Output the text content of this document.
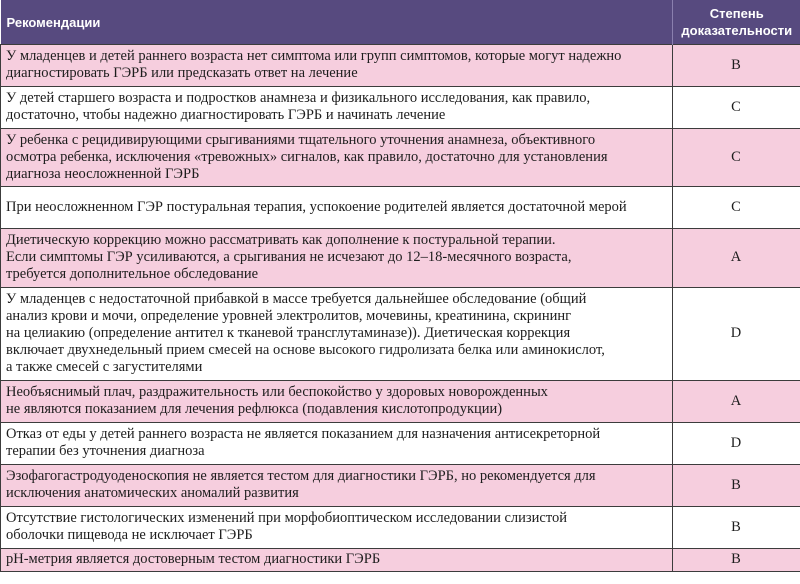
Рекомендации	Степень
доказательности
У младенцев и детей раннего возраста нет симптома или групп симптомов, которые могут надежно
диагностировать ГЭРБ или предсказать ответ на лечение	B
У детей старшего возраста и подростков анамнеза и физикального исследования, как правило,
достаточно, чтобы надежно диагностировать ГЭРБ и начинать лечение	C
У ребенка с рецидивирующими срыгиваниями тщательного уточнения анамнеза, объективного
осмотра ребенка, исключения «тревожных» сигналов, как правило, достаточно для установления
диагноза неосложненной ГЭРБ	C
При неосложненном ГЭР постуральная терапия, успокоение родителей является достаточной мерой	C
Диетическую коррекцию можно рассматривать как дополнение к постуральной терапии.
Если симптомы ГЭР усиливаются, а срыгивания не исчезают до 12–18-месячного возраста,
требуется дополнительное обследование	A
У младенцев с недостаточной прибавкой в массе требуется дальнейшее обследование (общий
анализ крови и мочи, определение уровней электролитов, мочевины, креатинина, скрининг
на целиакию (определение антител к тканевой трансглутаминазе)). Диетическая коррекция
включает двухнедельный прием смесей на основе высокого гидролизата белка или аминокислот,
а также смесей с загустителями	D
Необъяснимый плач, раздражительность или беспокойство у здоровых новорожденных
не являются показанием для лечения рефлюкса (подавления кислотопродукции)	A
Отказ от еды у детей раннего возраста не является показанием для назначения антисекреторной
терапии без уточнения диагноза	D
Эзофагогастродуоденоскопия не является тестом для диагностики ГЭРБ, но рекомендуется для
исключения анатомических аномалий развития	B
Отсутствие гистологических изменений при морфобиоптическом исследовании слизистой
оболочки пищевода не исключает ГЭРБ	B
pH-метрия является достоверным тестом диагностики ГЭРБ	B
